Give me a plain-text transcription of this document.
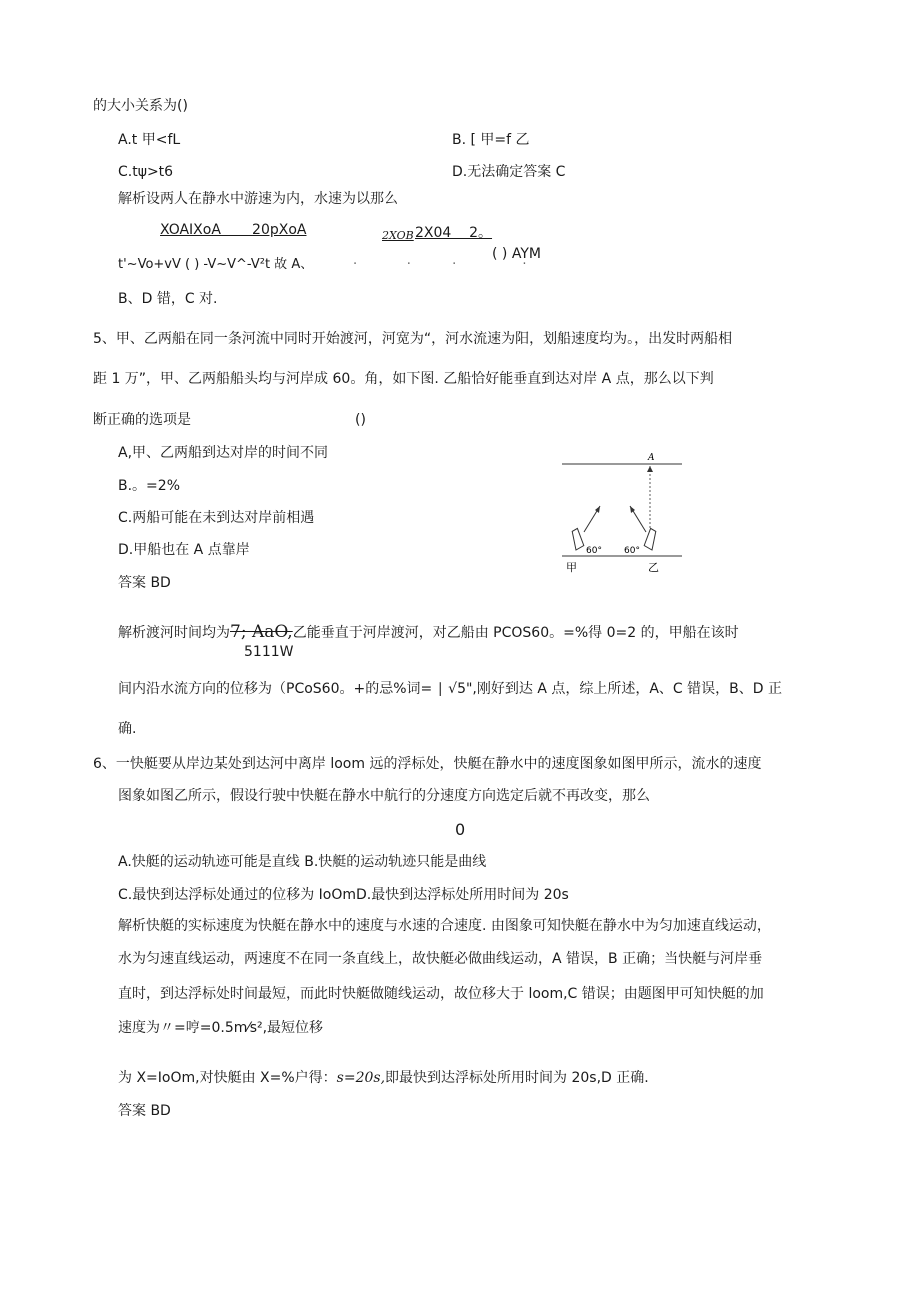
的大小关系为()
A.t 甲<fL	B. [ 甲=f 乙
C.tψ>t6	D.无法确定答案 C
解析设两人在静水中游速为内，水速为以那么
XOAIXoA       20pXoA	2XOB 2X04    2。
t'~Vo+vV ( ) -V~V^-V²t 故 A、	·            ·          ·                ·
( ) AYM
B、D 错，C 对.
5、甲、乙两船在同一条河流中同时开始渡河，河宽为“，河水流速为阳，划船速度均为。，出发时两船相
距 1 万”，甲、乙两船船头均与河岸成 60。角，如下图. 乙船恰好能垂直到达对岸 A 点，那么以下判
断正确的选项是	()
A,甲、乙两船到达对岸的时间不同
B.。=2%
C.两船可能在未到达对岸前相遇
D.甲船也在 A 点靠岸
答案 BD
A
60° 60°
甲	乙
解析渡河时间均为7; AaO,乙能垂直于河岸渡河，对乙船由 PCOS60。=%得 0=2 的，甲船在该时
5111W
间内沿水流方向的位移为（PCoS60。+的忌%词= ∣ √5",刚好到达 A 点，综上所述，A、C 错误，B、D 正
确.
6、一快艇要从岸边某处到达河中离岸 loom 远的浮标处，快艇在静水中的速度图象如图甲所示，流水的速度
图象如图乙所示，假设行驶中快艇在静水中航行的分速度方向选定后就不再改变，那么
0
A.快艇的运动轨迹可能是直线 B.快艇的运动轨迹只能是曲线
C.最快到达浮标处通过的位移为 IoOmD.最快到达浮标处所用时间为 20s
解析快艇的实标速度为快艇在静水中的速度与水速的合速度. 由图象可知快艇在静水中为匀加速直线运动，
水为匀速直线运动，两速度不在同一条直线上，故快艇必做曲线运动，A 错误，B 正确；当快艇与河岸垂
直时，到达浮标处时间最短，而此时快艇做随线运动，故位移大于 loom,C 错误；由题图甲可知快艇的加
速度为〃=哼=0.5m⁄s²,最短位移
为 X=IoOm,对快艇由 X=%户得：s=20s,即最快到达浮标处所用时间为 20s,D 正确.
答案 BD
